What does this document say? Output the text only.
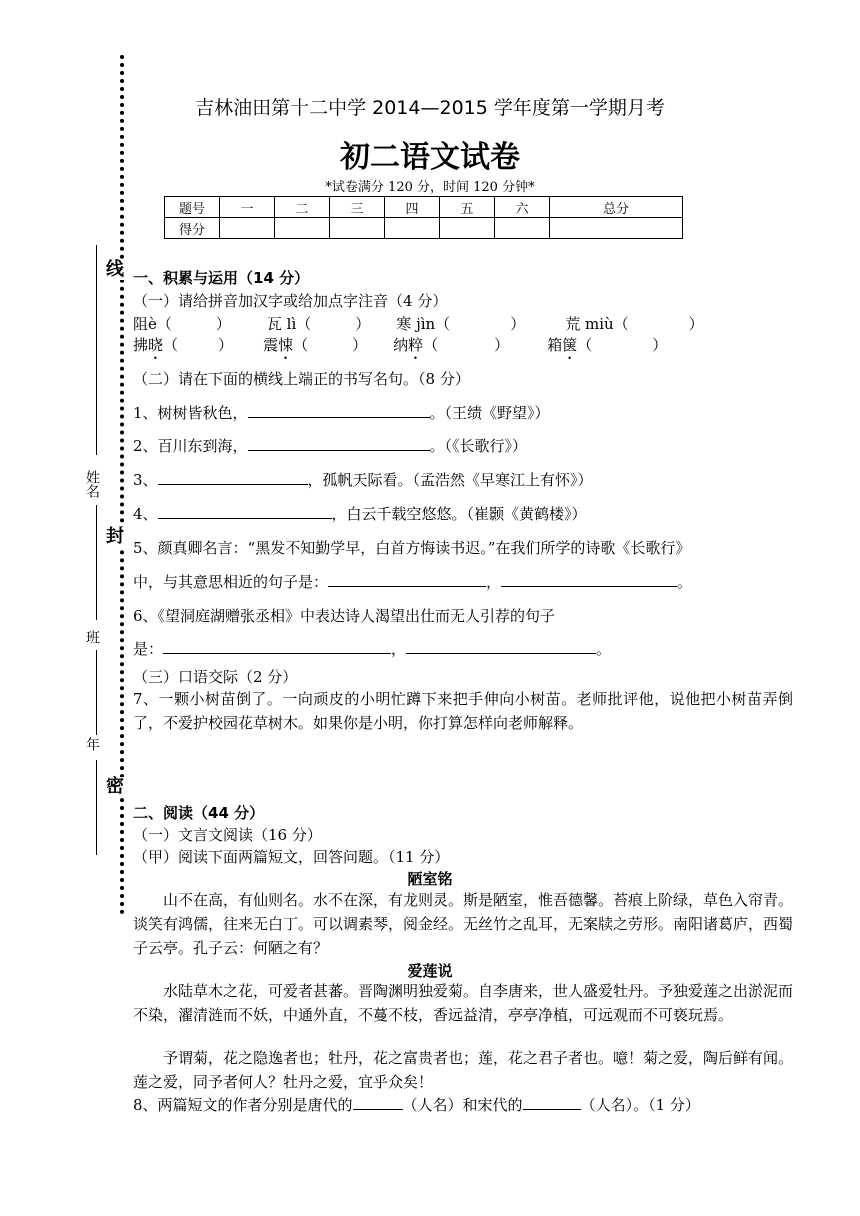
姓名
班
年
线
封
密
吉林油田第十二中学 2014—2015 学年度第一学期月考
初二语文试卷
*试卷满分 120 分，时间 120 分钟*
题号	一	二	三	四	五	六	总分
得分							
一、积累与运用（14 分）
（一）请给拼音加汉字或给加点字注音（4 分）
阻è（	） 瓦 lì（	） 寒 jìn（	）	荒 miù（	）
拂晓（	） 震悚（	） 纳粹（	）	箱箧（	）
（二）请在下面的横线上端正的书写名句。（8 分）
1、树树皆秋色，	。（王绩《野望》）
2、百川东到海，	。（《长歌行》）
3、	，孤帆天际看。（孟浩然《早寒江上有怀》）
4、	，白云千载空悠悠。（崔颢《黄鹤楼》）
5、颜真卿名言：“黑发不知勤学早，白首方悔读书迟。”在我们所学的诗歌《长歌行》
中，与其意思相近的句子是：	，	。
6、《望洞庭湖赠张丞相》中表达诗人渴望出仕而无人引荐的句子
是：	，	。
（三）口语交际（2 分）
7、一颗小树苗倒了。一向顽皮的小明忙蹲下来把手伸向小树苗。老师批评他，说他把小树苗弄倒了，不爱护校园花草树木。如果你是小明，你打算怎样向老师解释。
二、阅读（44 分）
（一）文言文阅读（16 分）
（甲）阅读下面两篇短文，回答问题。（11 分）
陋室铭
山不在高，有仙则名。水不在深，有龙则灵。斯是陋室，惟吾德馨。苔痕上阶绿，草色入帘青。谈笑有鸿儒，往来无白丁。可以调素琴，阅金经。无丝竹之乱耳，无案牍之劳形。南阳诸葛庐，西蜀子云亭。孔子云：何陋之有？
爱莲说
水陆草木之花，可爱者甚蕃。晋陶渊明独爱菊。自李唐来，世人盛爱牡丹。予独爱莲之出淤泥而不染，濯清涟而不妖，中通外直，不蔓不枝，香远益清，亭亭净植，可远观而不可亵玩焉。
予谓菊，花之隐逸者也；牡丹，花之富贵者也；莲，花之君子者也。噫！菊之爱，陶后鲜有闻。莲之爱，同予者何人？牡丹之爱，宜乎众矣！
8、两篇短文的作者分别是唐代的	（人名）和宋代的	（人名）。（1 分）
